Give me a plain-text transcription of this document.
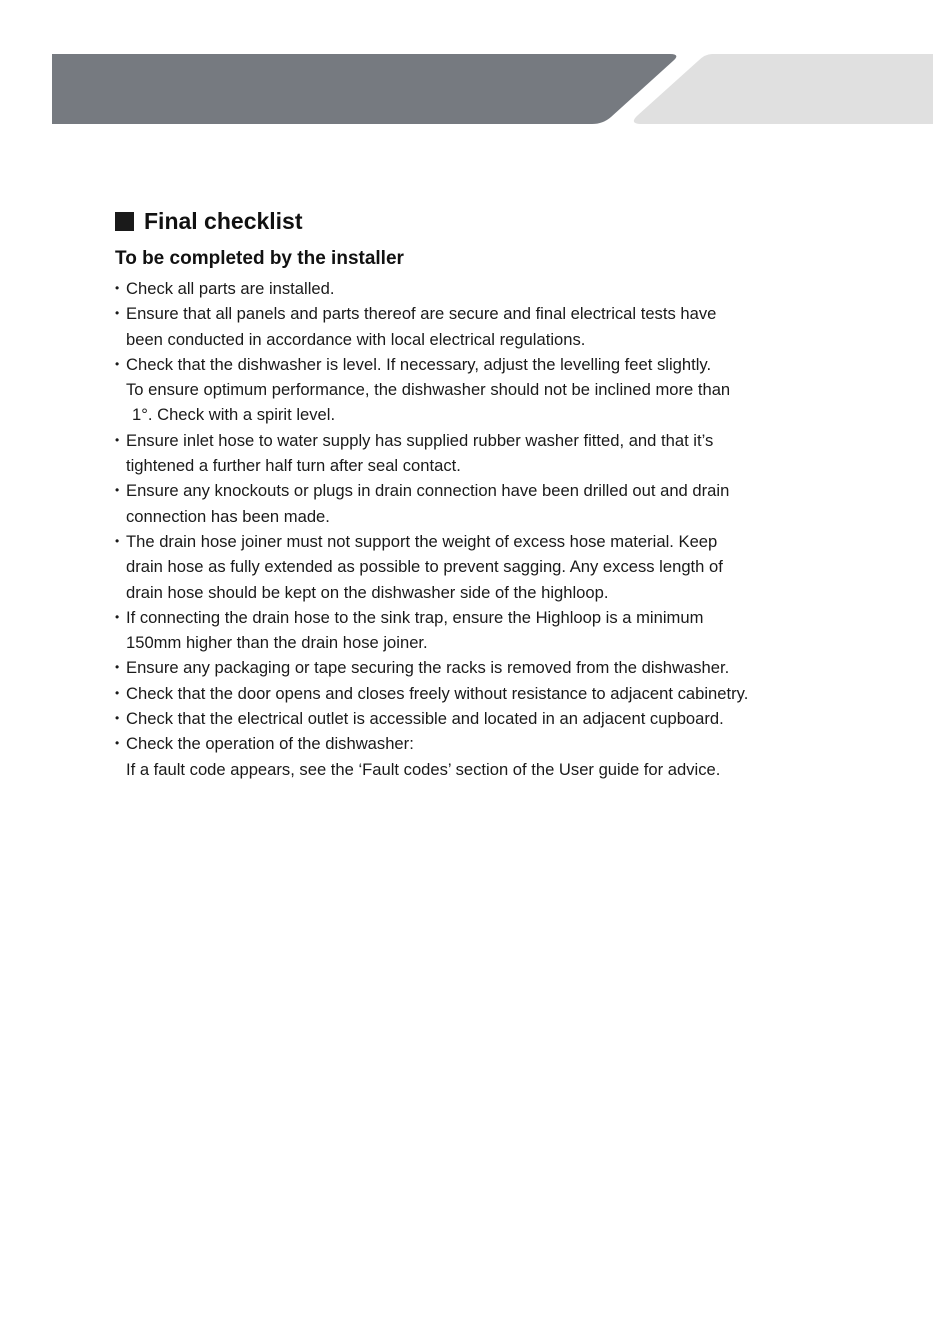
Final checklist
To be completed by the installer
• Check all parts are installed.
• Ensure that all panels and parts thereof are secure and final electrical tests have
been conducted in accordance with local electrical regulations.
• Check that the dishwasher is level. If necessary, adjust the levelling feet slightly.
To ensure optimum performance, the dishwasher should not be inclined more than
1°. Check with a spirit level.
• Ensure inlet hose to water supply has supplied rubber washer fitted, and that it’s
tightened a further half turn after seal contact.
• Ensure any knockouts or plugs in drain connection have been drilled out and drain
connection has been made.
• The drain hose joiner must not support the weight of excess hose material. Keep
drain hose as fully extended as possible to prevent sagging. Any excess length of
drain hose should be kept on the dishwasher side of the highloop.
• If connecting the drain hose to the sink trap, ensure the Highloop is a minimum
150mm higher than the drain hose joiner.
• Ensure any packaging or tape securing the racks is removed from the dishwasher.
• Check that the door opens and closes freely without resistance to adjacent cabinetry.
• Check that the electrical outlet is accessible and located in an adjacent cupboard.
• Check the operation of the dishwasher:
If a fault code appears, see the ‘Fault codes’ section of the User guide for advice.
